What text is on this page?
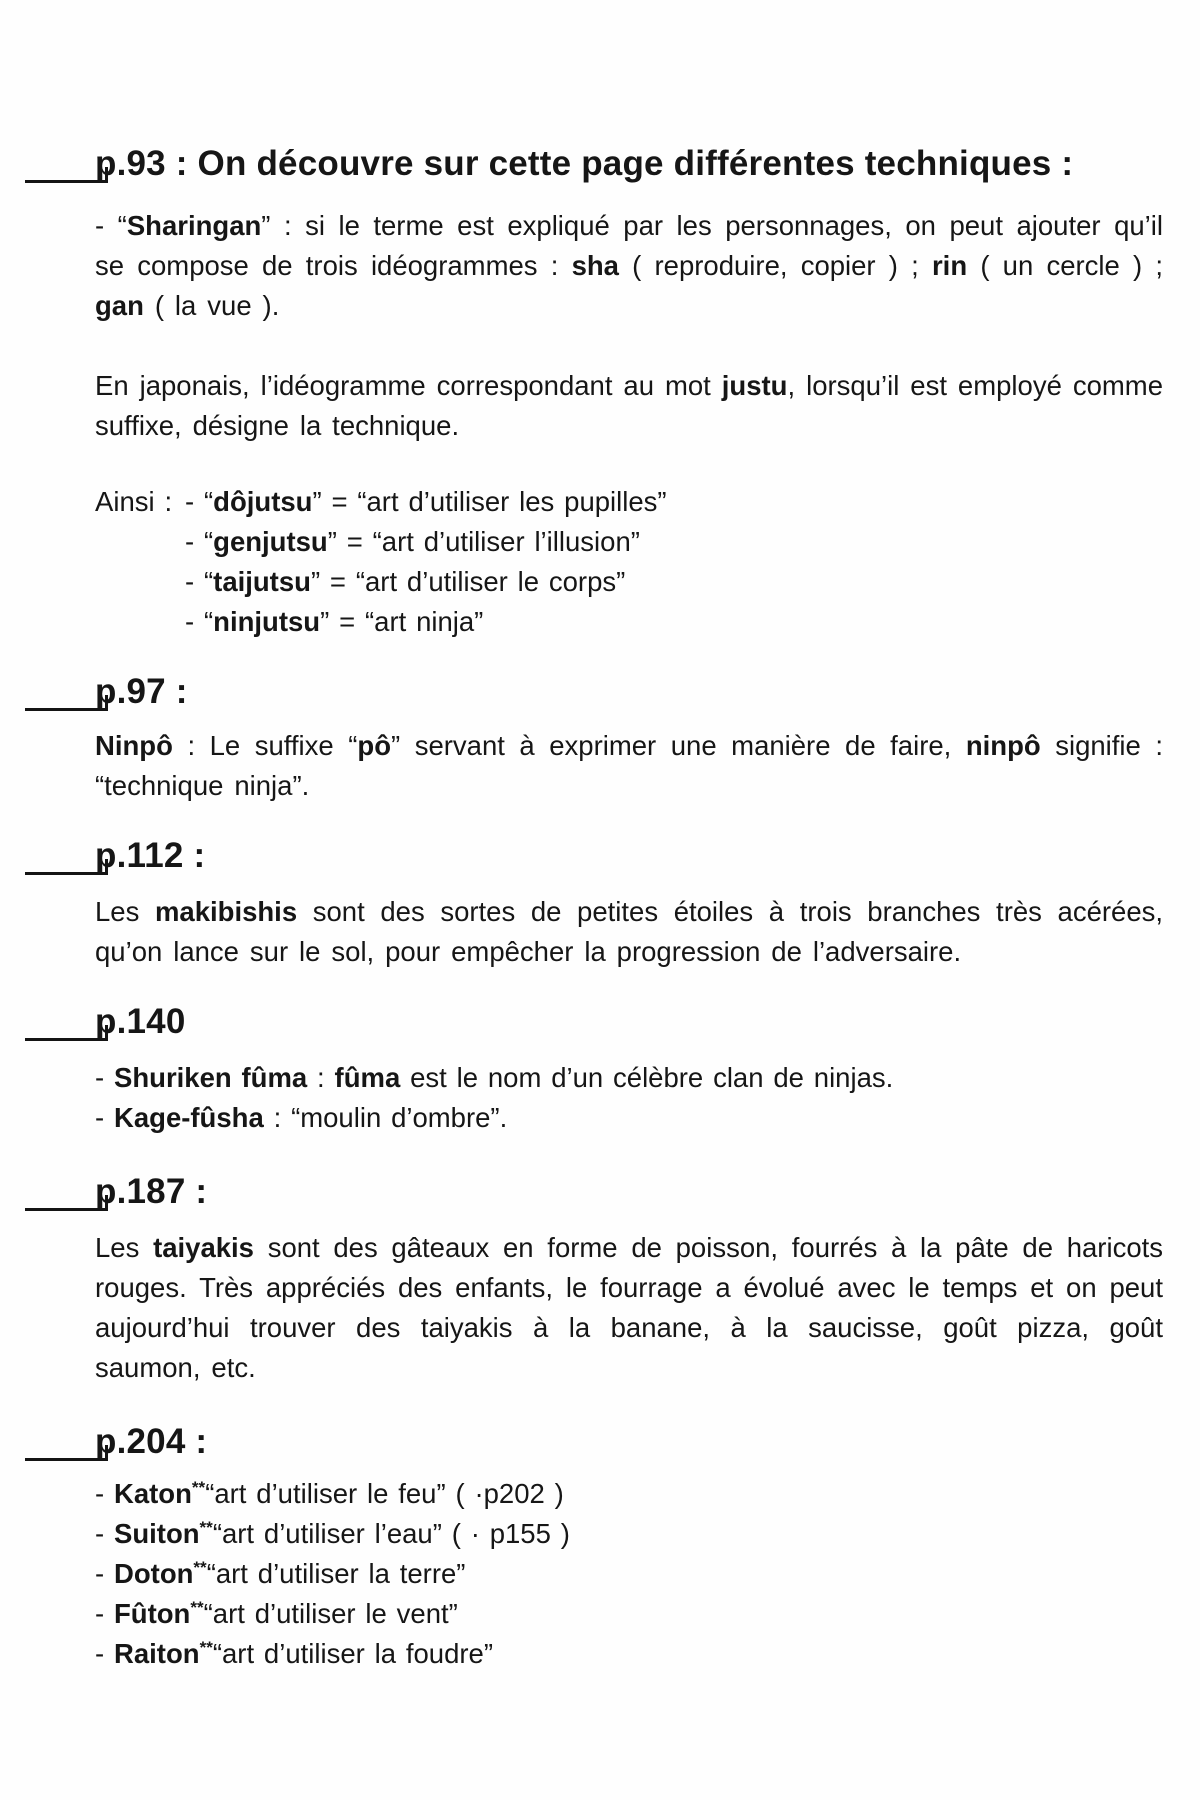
p.93 : On découvre sur cette page différentes techniques :

- “Sharingan” : si le terme est expliqué par les personnages, on peut ajouter qu’il se compose de trois idéogrammes : sha ( reproduire, copier ) ; rin ( un cercle ) ; gan ( la vue ).

En japonais, l’idéogramme correspondant au mot justu, lorsqu’il est employé comme suffixe, désigne la technique.

Ainsi : - “dôjutsu” = “art d’utiliser les pupilles”
- “genjutsu” = “art d’utiliser l’illusion”
- “taijutsu” = “art d’utiliser le corps”
- “ninjutsu” = “art ninja”
p.97 :

Ninpô : Le suffixe “pô” servant à exprimer une manière de faire, ninpô signifie : “technique ninja”.

p.112 :

Les makibishis sont des sortes de petites étoiles à trois branches très acérées, qu’on lance sur le sol, pour empêcher la progression de l’adversaire.

p.140
- Shuriken fûma : fûma est le nom d’un célèbre clan de ninjas.
- Kage-fûsha : “moulin d’ombre”.
p.187 :

Les taiyakis sont des gâteaux en forme de poisson, fourrés à la pâte de haricots rouges. Très appréciés des enfants, le fourrage a évolué avec le temps et on peut aujourd’hui trouver des taiyakis à la banane, à la saucisse, goût pizza, goût saumon, etc.

p.204 :
- Katon** “art d’utiliser le feu” ( ·p202 )
- Suiton** “art d’utiliser l’eau” ( · p155 )
- Doton** “art d’utiliser la terre”
- Fûton** “art d’utiliser le vent”
- Raiton** “art d’utiliser la foudre”
